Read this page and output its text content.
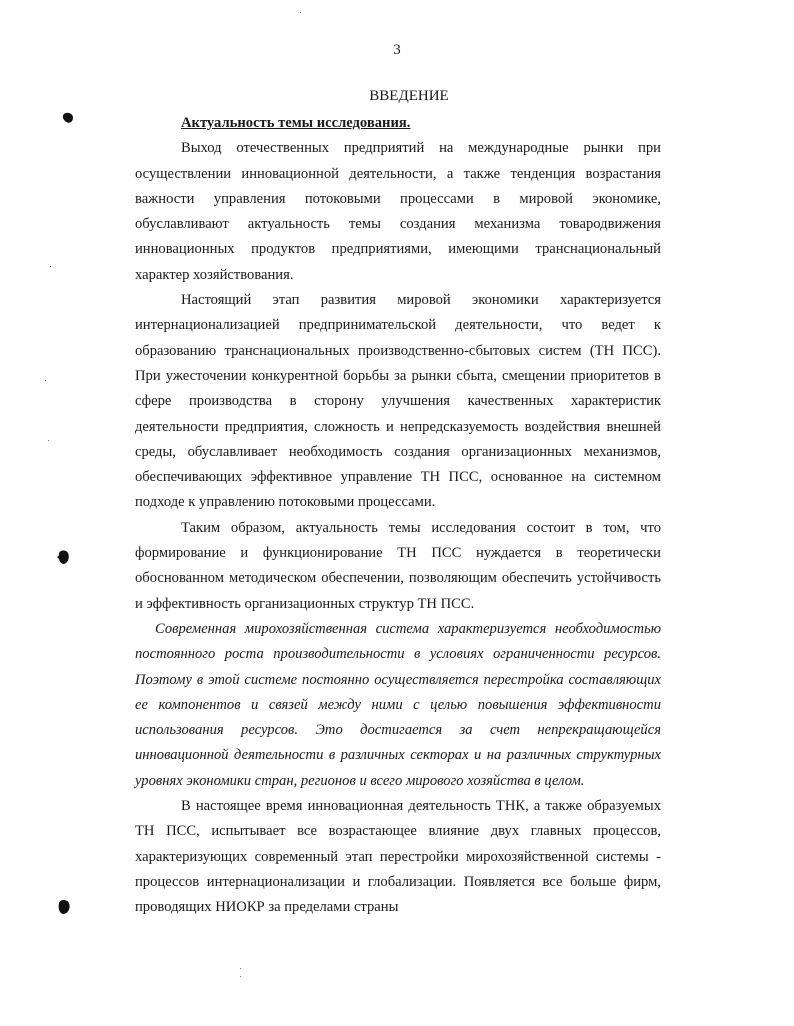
3
ВВЕДЕНИЕ

Актуальность темы исследования.

Выход отечественных предприятий на международные рынки при осуществлении инновационной деятельности, а также тенденция возрастания важности управления потоковыми процессами в мировой экономике, обуславливают актуальность темы создания механизма товародвижения инновационных продуктов предприятиями, имеющими транснациональный характер хозяйствования.

Настоящий этап развития мировой экономики характеризуется интернационализацией предпринимательской деятельности, что ведет к образованию транснациональных производственно-сбытовых систем (ТН ПСС). При ужесточении конкурентной борьбы за рынки сбыта, смещении приоритетов в сфере производства в сторону улучшения качественных характеристик деятельности предприятия, сложность и непредсказуемость воздействия внешней среды, обуславливает необходимость создания организационных механизмов, обеспечивающих эффективное управление ТН ПСС, основанное на системном подходе к управлению потоковыми процессами.

Таким образом, актуальность темы исследования состоит в том, что формирование и функционирование ТН ПСС нуждается в теоретически обоснованном методическом обеспечении, позволяющим обеспечить устойчивость и эффективность организационных структур ТН ПСС.

Современная мирохозяйственная система характеризуется необходимостью постоянного роста производительности в условиях ограниченности ресурсов. Поэтому в этой системе постоянно осуществляется перестройка составляющих ее компонентов и связей между ними с целью повышения эффективности использования ресурсов. Это достигается за счет непрекращающейся инновационной деятельности в различных секторах и на различных структурных уровнях экономики стран, регионов и всего мирового хозяйства в целом.

В настоящее время инновационная деятельность ТНК, а также образуемых ТН ПСС, испытывает все возрастающее влияние двух главных процессов, характеризующих современный этап перестройки мирохозяйственной системы - процессов интернационализации и глобализации. Появляется все больше фирм, проводящих НИОКР за пределами страны
